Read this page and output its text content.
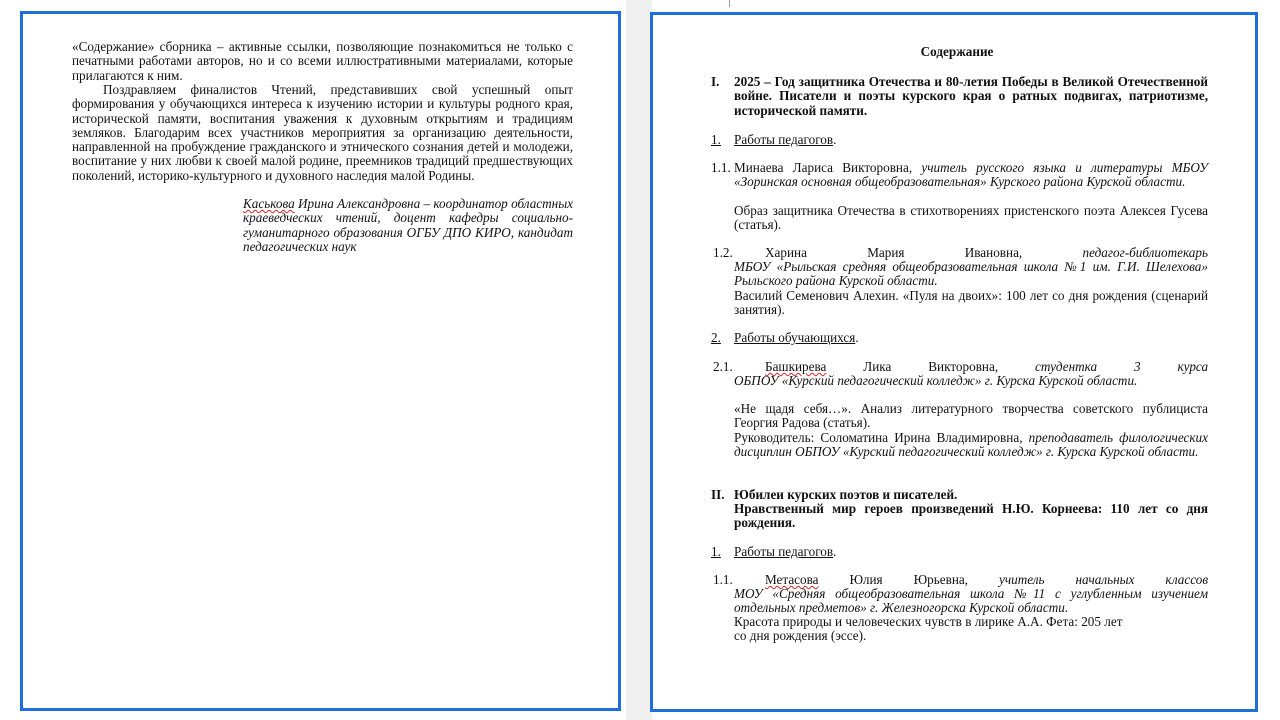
«Содержание» сборника – активные ссылки, позволяющие познакомиться не только с печатными работами авторов, но и со всеми иллюстративными материалами, которые прилагаются к ним.
Поздравляем финалистов Чтений, представивших свой успешный опыт формирования у обучающихся интереса к изучению истории и культуры родного края, исторической памяти, воспитания уважения к духовным открытиям и традициям земляков. Благодарим всех участников мероприятия за организацию деятельности, направленной на пробуждение гражданского и этнического сознания детей и молодежи, воспитание у них любви к своей малой родине, преемников традиций предшествующих поколений, историко-культурного и духовного наследия малой Родины.
Каськова Ирина Александровна – координатор областных краеведческих чтений, доцент кафедры социально-гуманитарного образования ОГБУ ДПО КИРО, кандидат педагогических наук
Содержание
I. 2025 – Год защитника Отечества и 80-летия Победы в Великой Отечественной войне. Писатели и поэты курского края о ратных подвигах, патриотизме, исторической памяти.
1. Работы педагогов.
1.1. Минаева Лариса Викторовна, учитель русского языка и литературы МБОУ «Зоринская основная общеобразовательная» Курского района Курской области.
Образ защитника Отечества в стихотворениях пристенского поэта Алексея Гусева (статья).
1.2. Харина	Мария	Ивановна,	педагог-библиотекарь
МБОУ «Рыльская средняя общеобразовательная школа №1 им. Г.И. Шелехова» Рыльского района Курской области.
Василий Семенович Алехин. «Пуля на двоих»: 100 лет со дня рождения (сценарий занятия).
2. Работы обучающихся.
2.1. Башкирева	Лика	Викторовна,	студентка	3	курса
ОБПОУ «Курский педагогический колледж» г. Курска Курской области.
«Не щадя себя…». Анализ литературного творчества советского публициста Георгия Радова (статья).
Руководитель: Соломатина Ирина Владимировна, преподаватель филологических дисциплин ОБПОУ «Курский педагогический колледж» г. Курска Курской области.
II. Юбилеи курских поэтов и писателей.
Нравственный мир героев произведений Н.Ю. Корнеева: 110 лет со дня рождения.
1. Работы педагогов.
1.1. Метасова Юлия Юрьевна, учитель начальных классов
МОУ «Средняя общеобразовательная школа №11 с углубленным изучением отдельных предметов» г. Железногорска Курской области.
Красота природы и человеческих чувств в лирике А.А. Фета: 205 лет
со дня рождения (эссе).
